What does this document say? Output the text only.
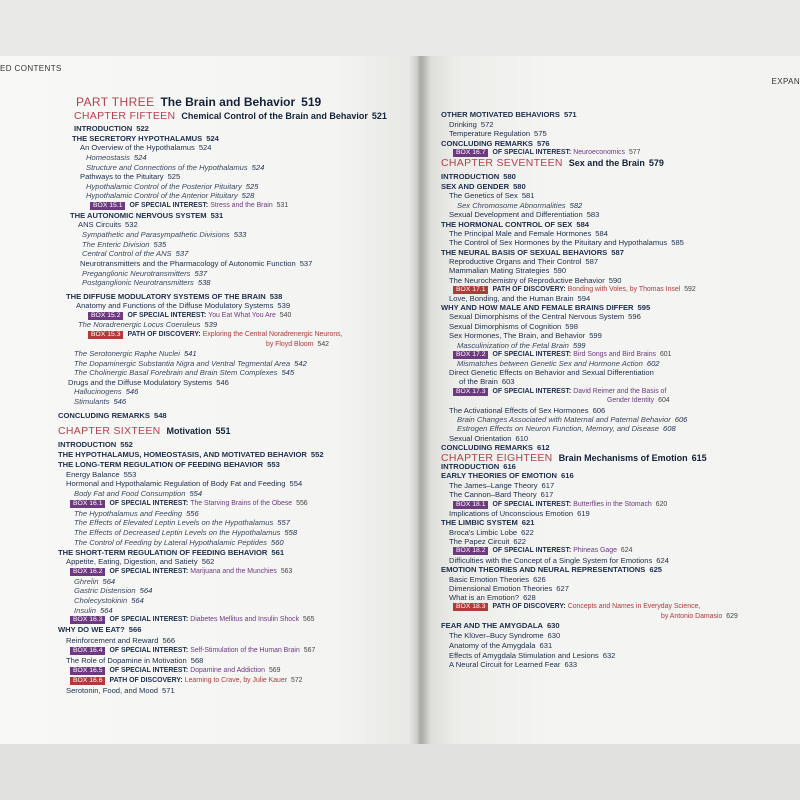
ED CONTENTS
EXPAN
PART THREE The Brain and Behavior 519
CHAPTER FIFTEEN Chemical Control of the Brain and Behavior 521
INTRODUCTION 522
THE SECRETORY HYPOTHALAMUS 524
An Overview of the Hypothalamus 524
Homeostasis 524
Structure and Connections of the Hypothalamus 524
Pathways to the Pituitary 525
Hypothalamic Control of the Posterior Pituitary 525
Hypothalamic Control of the Anterior Pituitary 528
BOX 15.1 OF SPECIAL INTEREST: Stress and the Brain 531
THE AUTONOMIC NERVOUS SYSTEM 531
ANS Circuits 532
Sympathetic and Parasympathetic Divisions 533
The Enteric Division 535
Central Control of the ANS 537
Neurotransmitters and the Pharmacology of Autonomic Function 537
Preganglionic Neurotransmitters 537
Postganglionic Neurotransmitters 538
THE DIFFUSE MODULATORY SYSTEMS OF THE BRAIN 538
Anatomy and Functions of the Diffuse Modulatory Systems 539
BOX 15.2 OF SPECIAL INTEREST: You Eat What You Are 540
The Noradrenergic Locus Coeruleus 539
BOX 15.3 PATH OF DISCOVERY: Exploring the Central Noradrenergic Neurons,
by Floyd Bloom 542
The Serotonergic Raphe Nuclei 541
The Dopaminergic Substantia Nigra and Ventral Tegmental Area 542
The Cholinergic Basal Forebrain and Brain Stem Complexes 545
Drugs and the Diffuse Modulatory Systems 546
Hallucinogens 546
Stimulants 546
CONCLUDING REMARKS 548
CHAPTER SIXTEEN Motivation 551
INTRODUCTION 552
THE HYPOTHALAMUS, HOMEOSTASIS, AND MOTIVATED BEHAVIOR 552
THE LONG-TERM REGULATION OF FEEDING BEHAVIOR 553
Energy Balance 553
Hormonal and Hypothalamic Regulation of Body Fat and Feeding 554
Body Fat and Food Consumption 554
BOX 16.1 OF SPECIAL INTEREST: The Starving Brains of the Obese 556
The Hypothalamus and Feeding 556
The Effects of Elevated Leptin Levels on the Hypothalamus 557
The Effects of Decreased Leptin Levels on the Hypothalamus 558
The Control of Feeding by Lateral Hypothalamic Peptides 560
THE SHORT-TERM REGULATION OF FEEDING BEHAVIOR 561
Appetite, Eating, Digestion, and Satiety 562
BOX 16.2 OF SPECIAL INTEREST: Marijuana and the Munchies 563
Ghrelin 564
Gastric Distension 564
Cholecystokinin 564
Insulin 564
BOX 16.3 OF SPECIAL INTEREST: Diabetes Mellitus and Insulin Shock 565
WHY DO WE EAT? 566
Reinforcement and Reward 566
BOX 16.4 OF SPECIAL INTEREST: Self-Stimulation of the Human Brain 567
The Role of Dopamine in Motivation 568
BOX 16.5 OF SPECIAL INTEREST: Dopamine and Addiction 569
BOX 16.6 PATH OF DISCOVERY: Learning to Crave, by Julie Kauer 572
Serotonin, Food, and Mood 571
OTHER MOTIVATED BEHAVIORS 571
Drinking 572
Temperature Regulation 575
CONCLUDING REMARKS 576
BOX 16.7 OF SPECIAL INTEREST: Neuroeconomics 577
CHAPTER SEVENTEEN Sex and the Brain 579
INTRODUCTION 580
SEX AND GENDER 580
The Genetics of Sex 581
Sex Chromosome Abnormalities 582
Sexual Development and Differentiation 583
THE HORMONAL CONTROL OF SEX 584
The Principal Male and Female Hormones 584
The Control of Sex Hormones by the Pituitary and Hypothalamus 585
THE NEURAL BASIS OF SEXUAL BEHAVIORS 587
Reproductive Organs and Their Control 587
Mammalian Mating Strategies 590
The Neurochemistry of Reproductive Behavior 590
BOX 17.1 PATH OF DISCOVERY: Bonding with Voles, by Thomas Insel 592
Love, Bonding, and the Human Brain 594
WHY AND HOW MALE AND FEMALE BRAINS DIFFER 595
Sexual Dimorphisms of the Central Nervous System 596
Sexual Dimorphisms of Cognition 598
Sex Hormones, The Brain, and Behavior 599
Masculinization of the Fetal Brain 599
BOX 17.2 OF SPECIAL INTEREST: Bird Songs and Bird Brains 601
Mismatches between Genetic Sex and Hormone Action 602
Direct Genetic Effects on Behavior and Sexual Differentiation
of the Brain 603
BOX 17.3 OF SPECIAL INTEREST: David Reimer and the Basis of
Gender Identity 604
The Activational Effects of Sex Hormones 606
Brain Changes Associated with Maternal and Paternal Behavior 606
Estrogen Effects on Neuron Function, Memory, and Disease 608
Sexual Orientation 610
CONCLUDING REMARKS 612
CHAPTER EIGHTEEN Brain Mechanisms of Emotion 615
INTRODUCTION 616
EARLY THEORIES OF EMOTION 616
The James–Lange Theory 617
The Cannon–Bard Theory 617
BOX 18.1 OF SPECIAL INTEREST: Butterflies in the Stomach 620
Implications of Unconscious Emotion 619
THE LIMBIC SYSTEM 621
Broca's Limbic Lobe 622
The Papez Circuit 622
BOX 18.2 OF SPECIAL INTEREST: Phineas Gage 624
Difficulties with the Concept of a Single System for Emotions 624
EMOTION THEORIES AND NEURAL REPRESENTATIONS 625
Basic Emotion Theories 626
Dimensional Emotion Theories 627
What is an Emotion? 628
BOX 18.3 PATH OF DISCOVERY: Concepts and Names in Everyday Science,
by Antonio Damasio 629
FEAR AND THE AMYGDALA 630
The Klüver–Bucy Syndrome 630
Anatomy of the Amygdala 631
Effects of Amygdala Stimulation and Lesions 632
A Neural Circuit for Learned Fear 633
